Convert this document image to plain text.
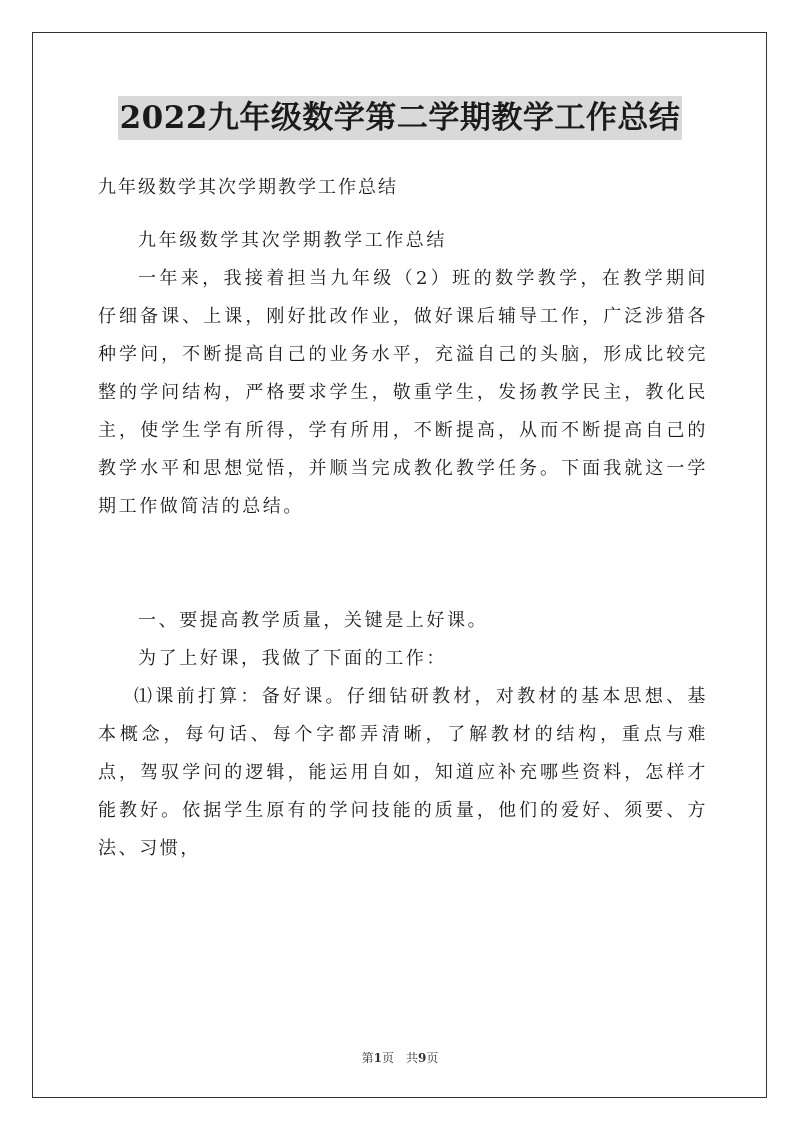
2022九年级数学第二学期教学工作总结
九年级数学其次学期教学工作总结

九年级数学其次学期教学工作总结

一年来，我接着担当九年级（2）班的数学教学，在教学期间仔细备课、上课，刚好批改作业，做好课后辅导工作，广泛涉猎各种学问，不断提高自己的业务水平，充溢自己的头脑，形成比较完整的学问结构，严格要求学生，敬重学生，发扬教学民主，教化民主，使学生学有所得，学有所用，不断提高，从而不断提高自己的教学水平和思想觉悟，并顺当完成教化教学任务。下面我就这一学期工作做简洁的总结。

一、要提高教学质量，关键是上好课。

为了上好课，我做了下面的工作：

⑴课前打算：备好课。仔细钻研教材，对教材的基本思想、基本概念，每句话、每个字都弄清晰，了解教材的结构，重点与难点，驾驭学问的逻辑，能运用自如，知道应补充哪些资料，怎样才能教好。依据学生原有的学问技能的质量，他们的爱好、须要、方法、习惯，

第1页　共9页
